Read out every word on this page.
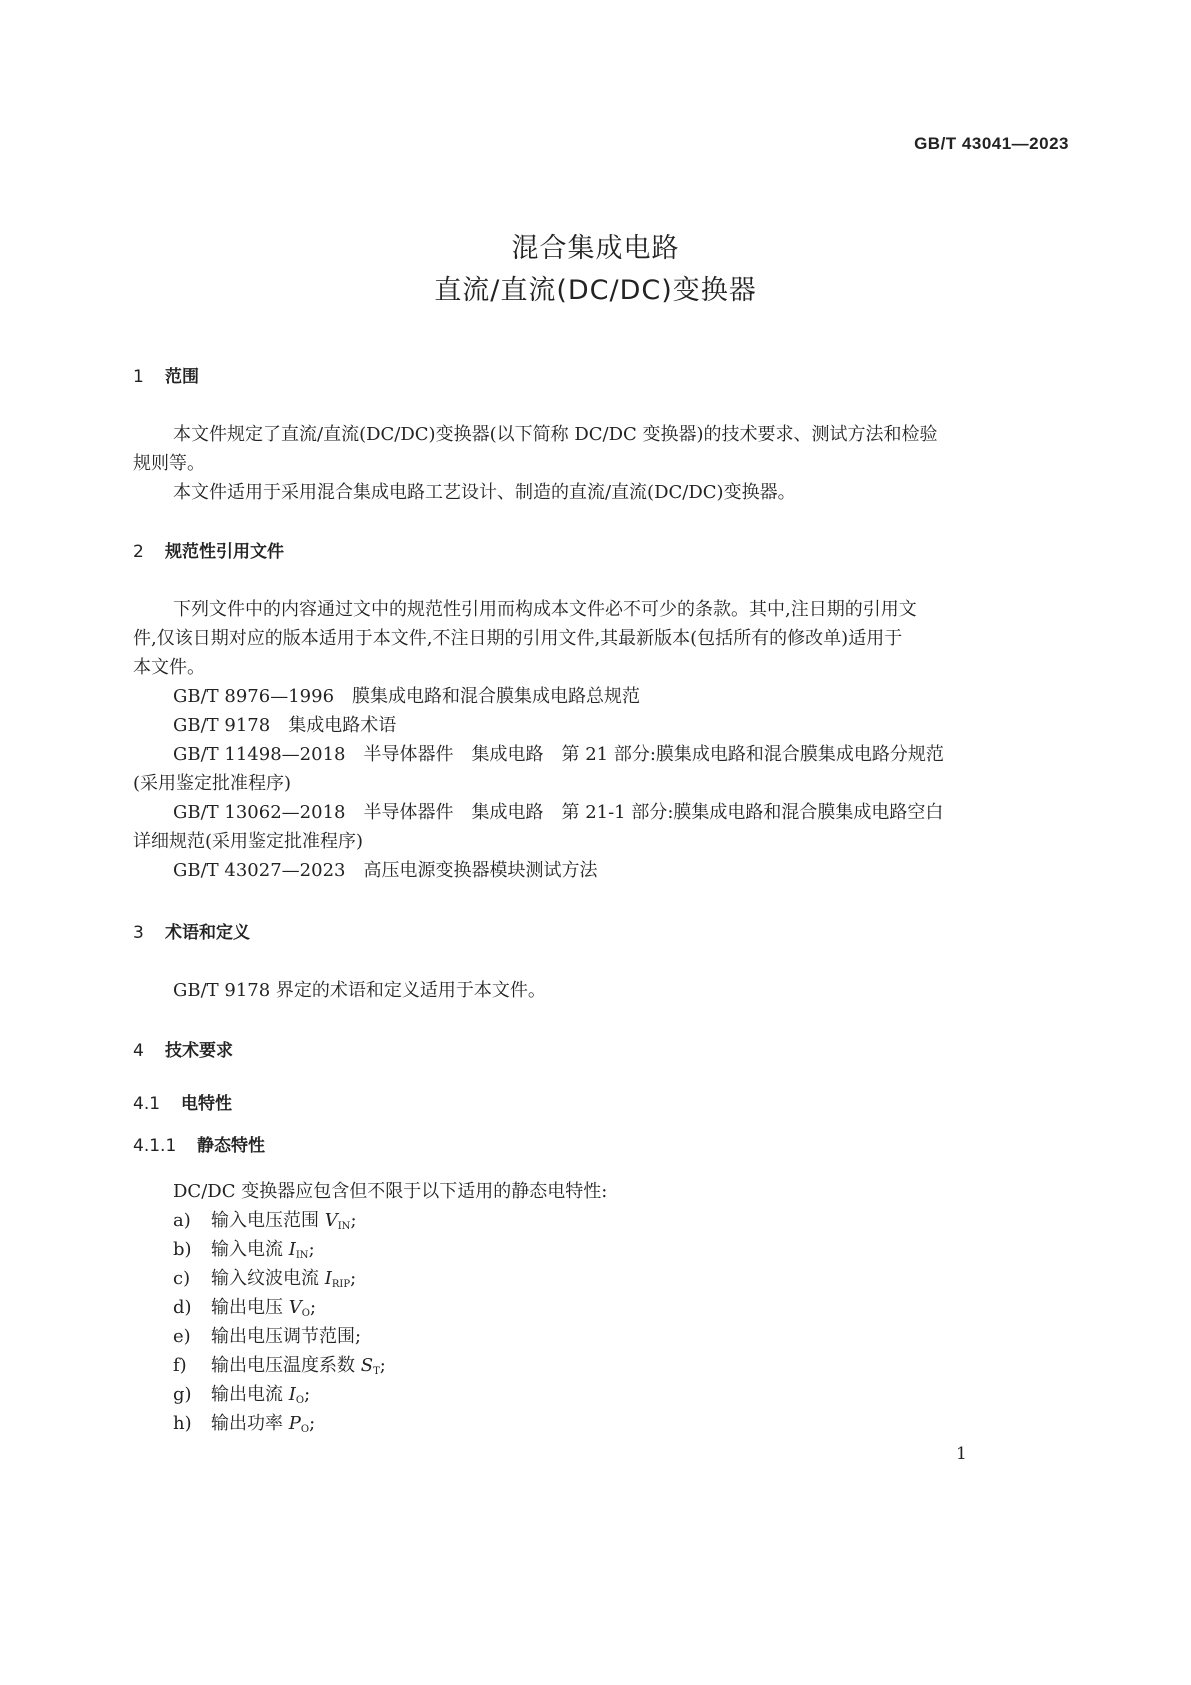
GB/T 43041—2023
混合集成电路
直流/直流(DC/DC)变换器
1 范围
本文件规定了直流/直流(DC/DC)变换器(以下简称 DC/DC 变换器)的技术要求、测试方法和检验
规则等。
本文件适用于采用混合集成电路工艺设计、制造的直流/直流(DC/DC)变换器。
2 规范性引用文件
下列文件中的内容通过文中的规范性引用而构成本文件必不可少的条款。其中,注日期的引用文
件,仅该日期对应的版本适用于本文件,不注日期的引用文件,其最新版本(包括所有的修改单)适用于
本文件。
GB/T 8976—1996 膜集成电路和混合膜集成电路总规范
GB/T 9178 集成电路术语
GB/T 11498—2018 半导体器件　集成电路　第 21 部分:膜集成电路和混合膜集成电路分规范
(采用鉴定批准程序)
GB/T 13062—2018 半导体器件　集成电路　第 21-1 部分:膜集成电路和混合膜集成电路空白
详细规范(采用鉴定批准程序)
GB/T 43027—2023 高压电源变换器模块测试方法
3 术语和定义
GB/T 9178 界定的术语和定义适用于本文件。
4 技术要求
4.1 电特性
4.1.1 静态特性
DC/DC 变换器应包含但不限于以下适用的静态电特性:
a) 输入电压范围 $V_{IN}$;
b) 输入电流 $I_{IN}$;
c) 输入纹波电流 $I_{RIP}$;
d) 输出电压 $V_O$;
e) 输出电压调节范围;
f) 输出电压温度系数 $S_T$;
g) 输出电流 $I_O$;
h) 输出功率 $P_O$;
1
